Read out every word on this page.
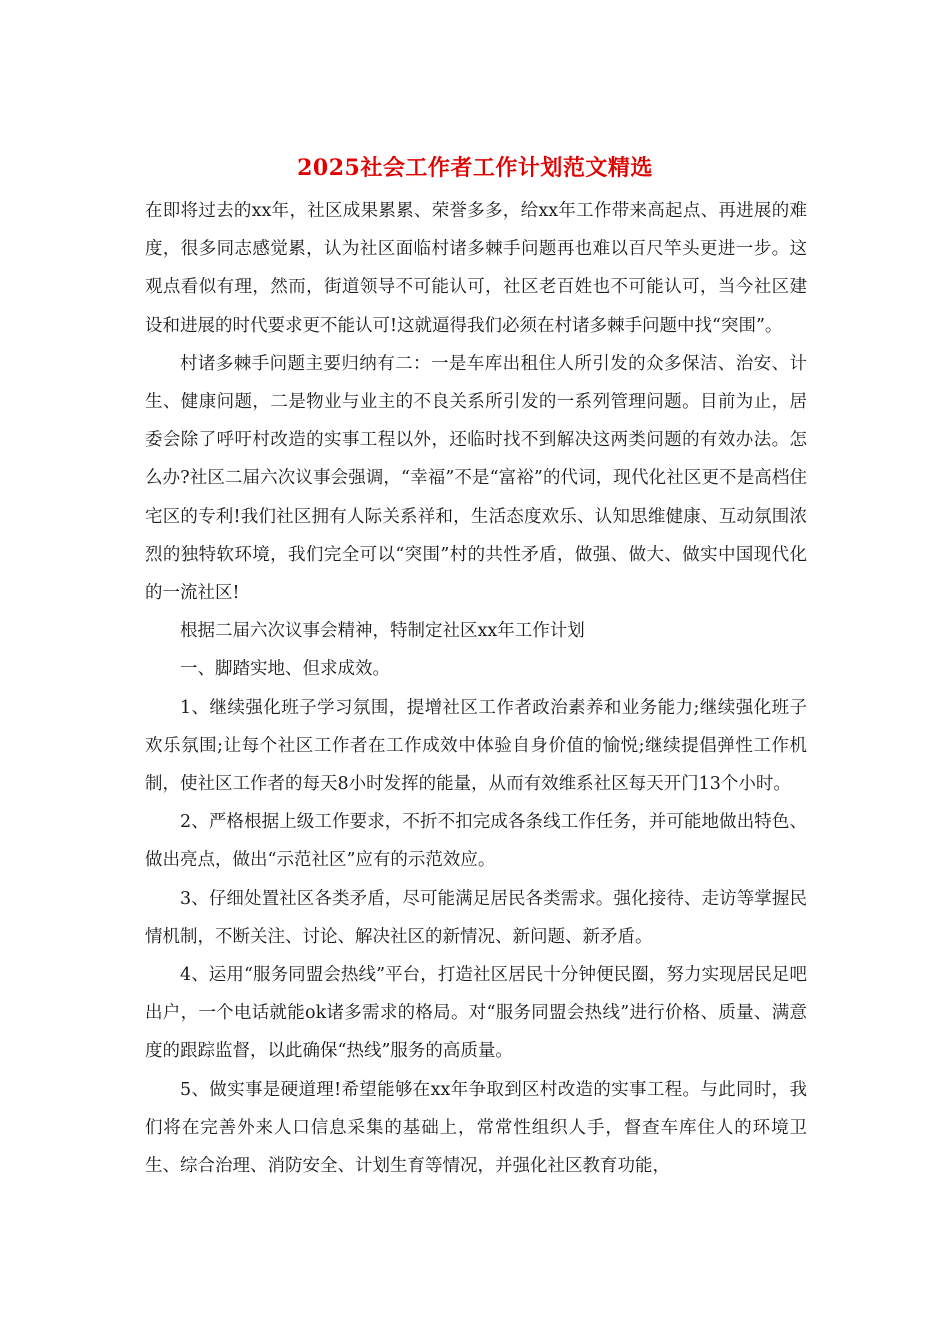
2025社会工作者工作计划范文精选

在即将过去的xx年，社区成果累累、荣誉多多，给xx年工作带来高起点、再进展的难度，很多同志感觉累，认为社区面临村诸多棘手问题再也难以百尺竿头更进一步。这观点看似有理，然而，街道领导不可能认可，社区老百姓也不可能认可，当今社区建设和进展的时代要求更不能认可!这就逼得我们必须在村诸多棘手问题中找“突围”。

村诸多棘手问题主要归纳有二：一是车库出租住人所引发的众多保洁、治安、计生、健康问题，二是物业与业主的不良关系所引发的一系列管理问题。目前为止，居委会除了呼吁村改造的实事工程以外，还临时找不到解决这两类问题的有效办法。怎么办?社区二届六次议事会强调，“幸福”不是“富裕”的代词，现代化社区更不是高档住宅区的专利!我们社区拥有人际关系祥和，生活态度欢乐、认知思维健康、互动氛围浓烈的独特软环境，我们完全可以“突围”村的共性矛盾，做强、做大、做实中国现代化的一流社区!

根据二届六次议事会精神，特制定社区xx年工作计划

一、脚踏实地、但求成效。

1、继续强化班子学习氛围，提增社区工作者政治素养和业务能力;继续强化班子欢乐氛围;让每个社区工作者在工作成效中体验自身价值的愉悦;继续提倡弹性工作机制，使社区工作者的每天8小时发挥的能量，从而有效维系社区每天开门13个小时。

2、严格根据上级工作要求，不折不扣完成各条线工作任务，并可能地做出特色、做出亮点，做出“示范社区”应有的示范效应。

3、仔细处置社区各类矛盾，尽可能满足居民各类需求。强化接待、走访等掌握民情机制，不断关注、讨论、解决社区的新情况、新问题、新矛盾。

4、运用“服务同盟会热线”平台，打造社区居民十分钟便民圈，努力实现居民足吧出户，一个电话就能ok诸多需求的格局。对“服务同盟会热线”进行价格、质量、满意度的跟踪监督，以此确保“热线”服务的高质量。

5、做实事是硬道理!希望能够在xx年争取到区村改造的实事工程。与此同时，我们将在完善外来人口信息采集的基础上，常常性组织人手，督查车库住人的环境卫生、综合治理、消防安全、计划生育等情况，并强化社区教育功能，
